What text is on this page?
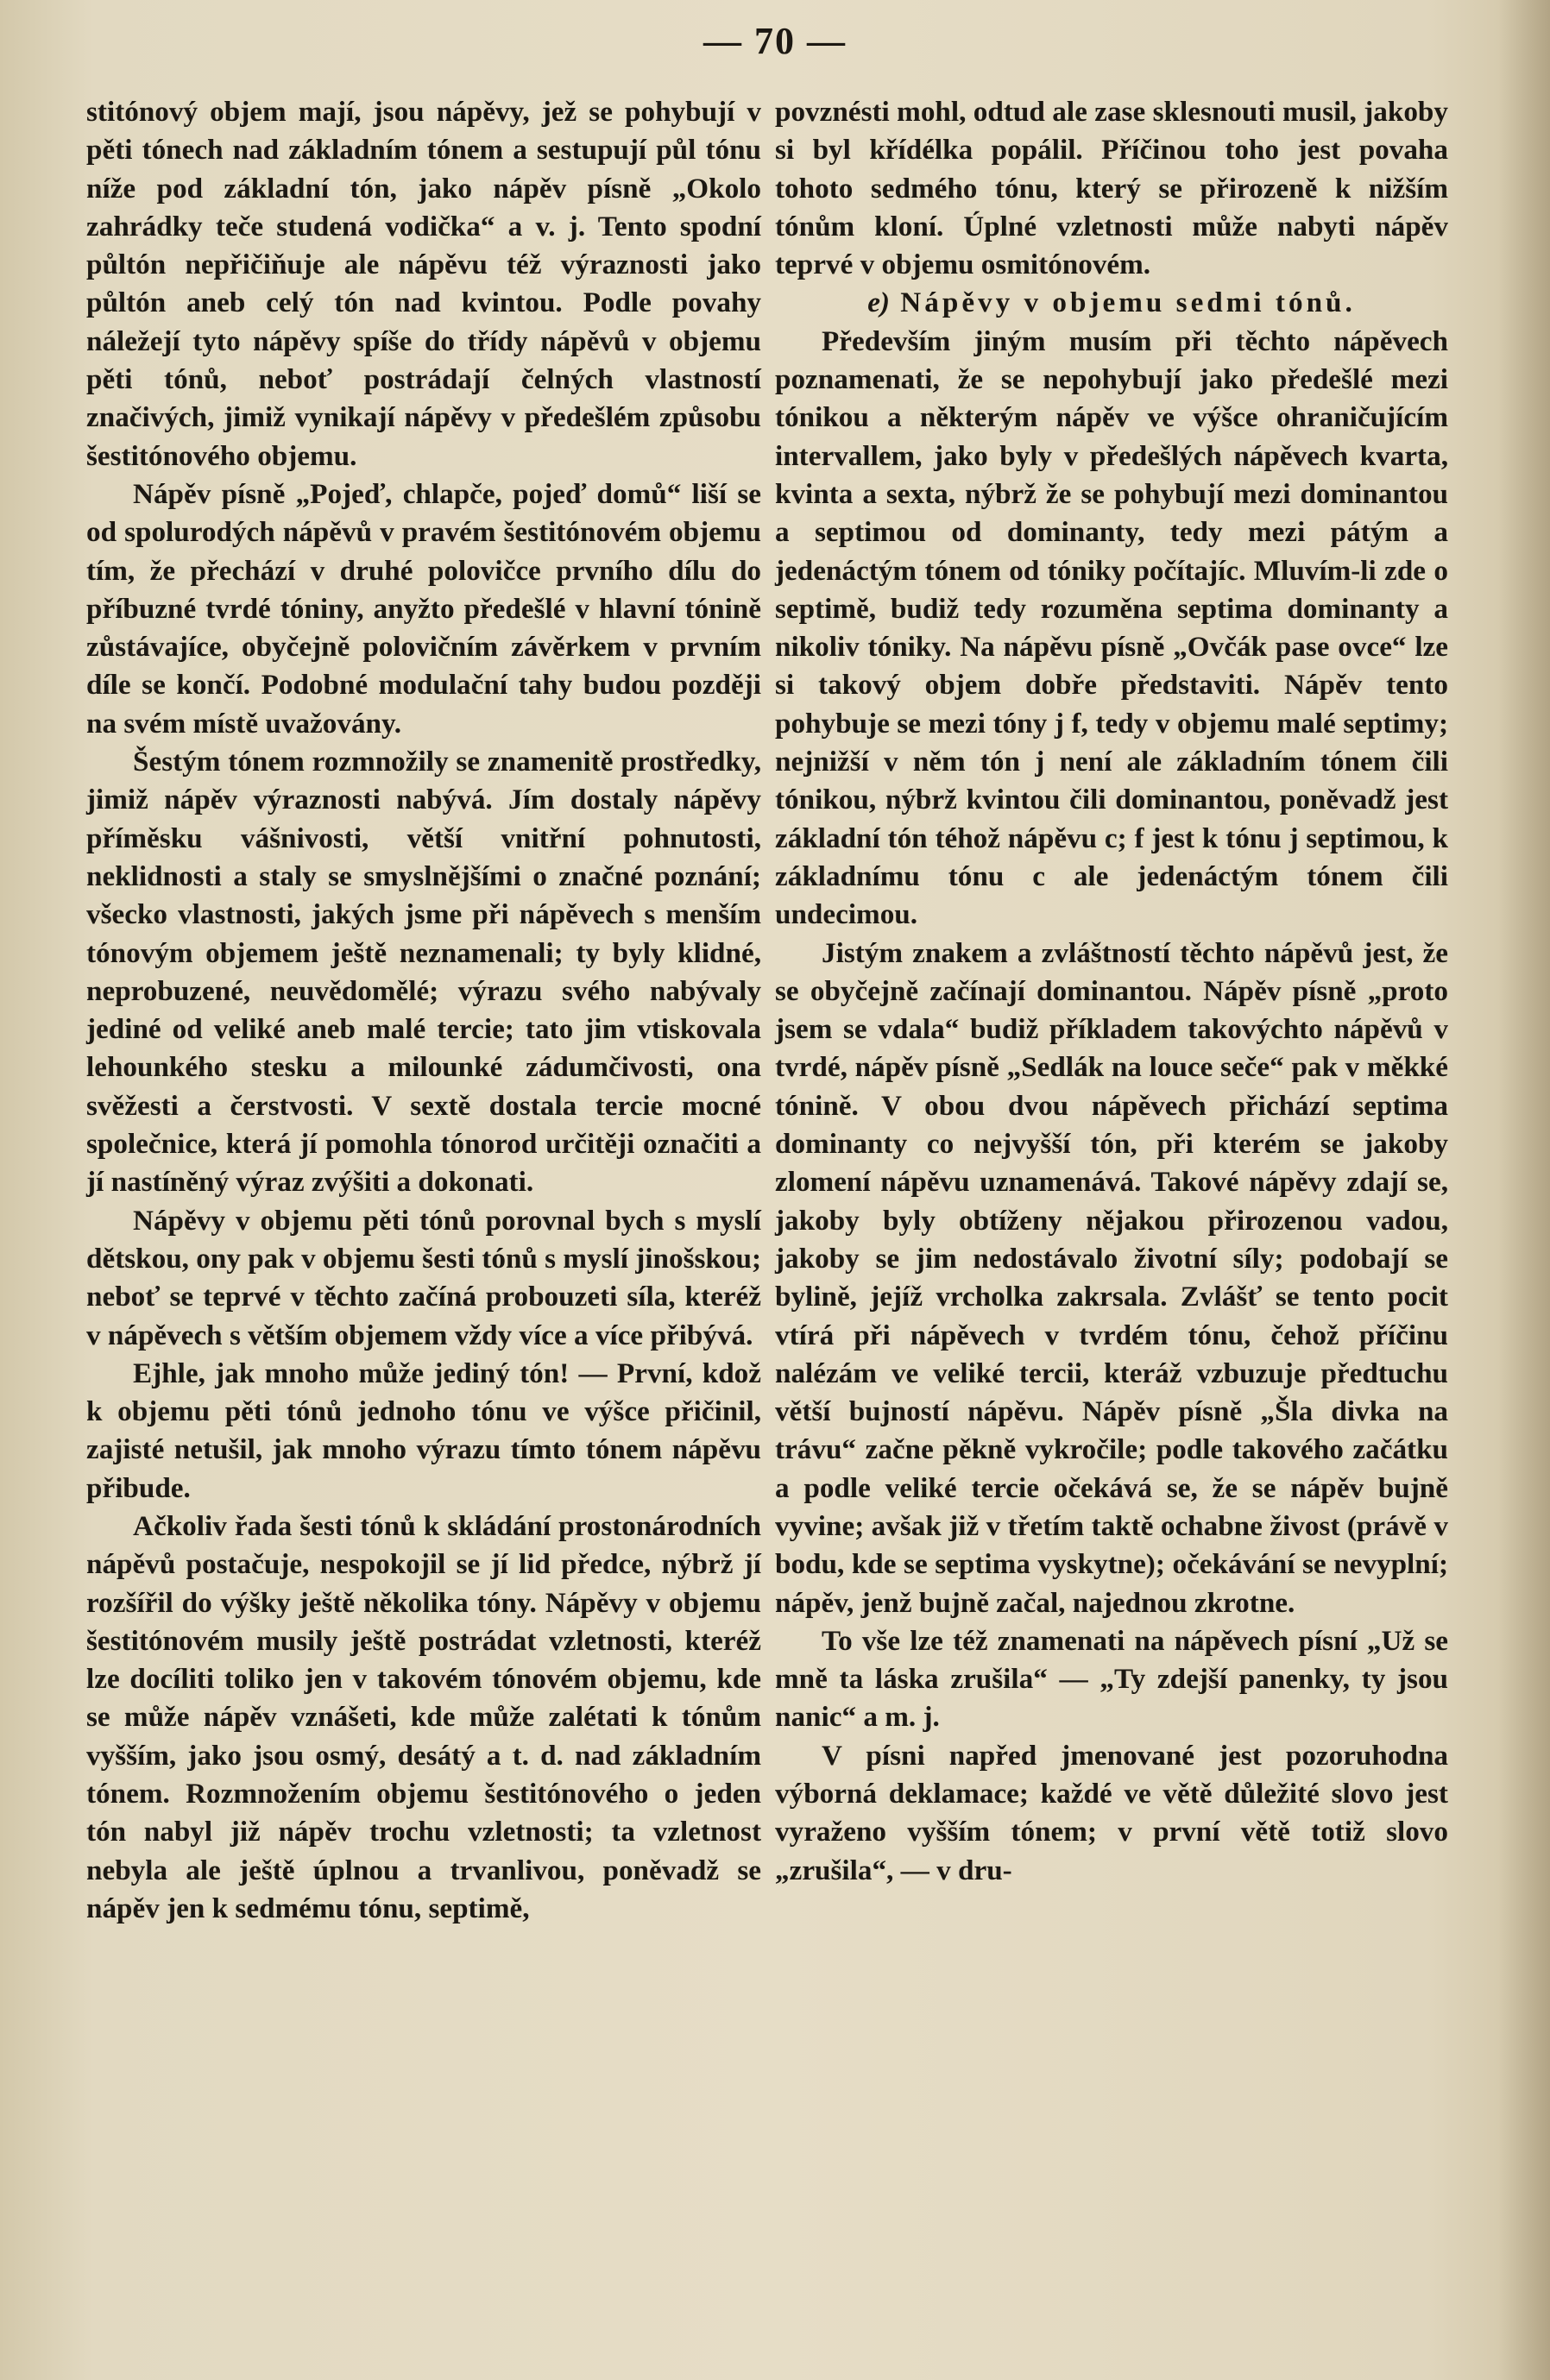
— 70 —

stitónový objem mají, jsou nápěvy, jež se pohybují v pěti tónech nad základním tónem a sestupují půl tónu níže pod základní tón, jako nápěv písně „Okolo zahrádky teče studená vodička“ a v. j. Tento spodní půltón nepřičiňuje ale nápěvu též výraznosti jako půltón aneb celý tón nad kvintou. Podle povahy náležejí tyto nápěvy spíše do třídy nápěvů v objemu pěti tónů, neboť postrádají čelných vlastností značivých, jimiž vynikají nápěvy v předešlém způsobu šestitónového objemu.

Nápěv písně „Pojeď, chlapče, pojeď domů“ liší se od spolurodých nápěvů v pravém šestitónovém objemu tím, že přechází v druhé polovičce prvního dílu do příbuzné tvrdé tóniny, anyžto předešlé v hlavní tónině zůstávajíce, obyčejně polovičním závěrkem v prvním díle se končí. Podobné modulační tahy budou později na svém místě uvažovány.

Šestým tónem rozmnožily se znamenitě prostředky, jimiž nápěv výraznosti nabývá. Jím dostaly nápěvy příměsku vášnivosti, větší vnitřní pohnutosti, neklidnosti a staly se smyslnějšími o značné poznání; všecko vlastnosti, jakých jsme při nápěvech s menším tónovým objemem ještě neznamenali; ty byly klidné, neprobuzené, neuvědomělé; výrazu svého nabývaly jediné od veliké aneb malé tercie; tato jim vtiskovala lehounkého stesku a milounké zádumčivosti, ona svěžesti a čerstvosti. V sextě dostala tercie mocné společnice, která jí pomohla tónorod určitěji označiti a jí nastíněný výraz zvýšiti a dokonati.

Nápěvy v objemu pěti tónů porovnal bych s myslí dětskou, ony pak v objemu šesti tónů s myslí jinošskou; neboť se teprvé v těchto začíná probouzeti síla, kteréž v nápěvech s větším objemem vždy více a více přibývá.

Ejhle, jak mnoho může jediný tón! — První, kdož k objemu pěti tónů jednoho tónu ve výšce přičinil, zajisté netušil, jak mnoho výrazu tímto tónem nápěvu přibude.

Ačkoliv řada šesti tónů k skládání prostonárodních nápěvů postačuje, nespokojil se jí lid předce, nýbrž jí rozšířil do výšky ještě několika tóny. Nápěvy v objemu šestitónovém musily ještě postrádat vzletnosti, kteréž lze docíliti toliko jen v takovém tónovém objemu, kde se může nápěv vznášeti, kde může zalétati k tónům vyšším, jako jsou osmý, desátý a t. d. nad základním tónem. Rozmnožením objemu šestitónového o jeden tón nabyl již nápěv trochu vzletnosti; ta vzletnost nebyla ale ještě úplnou a trvanlivou, poněvadž se nápěv jen k sedmému tónu, septimě,

povznésti mohl, odtud ale zase sklesnouti musil, jakoby si byl křídélka popálil. Příčinou toho jest povaha tohoto sedmého tónu, který se přirozeně k nižším tónům kloní. Úplné vzletnosti může nabyti nápěv teprvé v objemu osmitónovém.

e) Nápěvy v objemu sedmi tónů.

Především jiným musím při těchto nápěvech poznamenati, že se nepohybují jako předešlé mezi tónikou a některým nápěv ve výšce ohraničujícím intervallem, jako byly v předešlých nápěvech kvarta, kvinta a sexta, nýbrž že se pohybují mezi dominantou a septimou od dominanty, tedy mezi pátým a jedenáctým tónem od tóniky počítajíc. Mluvím-li zde o septimě, budiž tedy rozuměna septima dominanty a nikoliv tóniky. Na nápěvu písně „Ovčák pase ovce“ lze si takový objem dobře představiti. Nápěv tento pohybuje se mezi tóny j f, tedy v objemu malé septimy; nejnižší v něm tón j není ale základním tónem čili tónikou, nýbrž kvintou čili dominantou, poněvadž jest základní tón téhož nápěvu c; f jest k tónu j septimou, k základnímu tónu c ale jedenáctým tónem čili undecimou.

Jistým znakem a zvláštností těchto nápěvů jest, že se obyčejně začínají dominantou. Nápěv písně „proto jsem se vdala“ budiž příkladem takovýchto nápěvů v tvrdé, nápěv písně „Sedlák na louce seče“ pak v měkké tónině. V obou dvou nápěvech přichází septima dominanty co nejvyšší tón, při kterém se jakoby zlomení nápěvu uznamenává. Takové nápěvy zdají se, jakoby byly obtíženy nějakou přirozenou vadou, jakoby se jim nedostávalo životní síly; podobají se bylině, jejíž vrcholka zakrsala. Zvlášť se tento pocit vtírá při nápěvech v tvrdém tónu, čehož příčinu nalézám ve veliké tercii, kteráž vzbuzuje předtuchu větší bujností nápěvu. Nápěv písně „Šla divka na trávu“ začne pěkně vykročile; podle takového začátku a podle veliké tercie očekává se, že se nápěv bujně vyvine; avšak již v třetím taktě ochabne živost (právě v bodu, kde se septima vyskytne); očekávání se nevyplní; nápěv, jenž bujně začal, najednou zkrotne.

To vše lze též znamenati na nápěvech písní „Už se mně ta láska zrušila“ — „Ty zdejší panenky, ty jsou nanic“ a m. j.

V písni napřed jmenované jest pozoruhodna výborná deklamace; každé ve větě důležité slovo jest vyraženo vyšším tónem; v první větě totiž slovo „zrušila“, — v dru-
